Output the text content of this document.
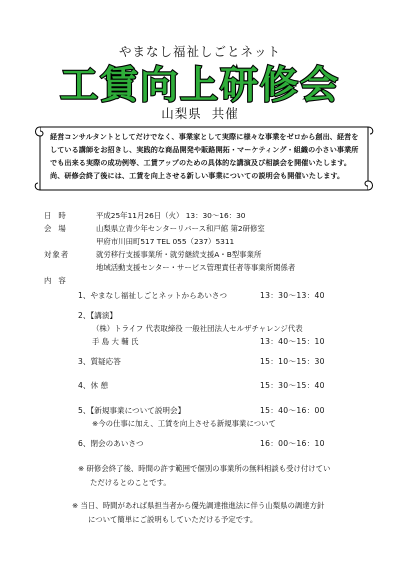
やまなし福祉しごとネット
工賃向上研修会
山梨県 共催

経営コンサルタントとしてだけでなく、事業家として実際に様々な事業をゼロから創出、経営をしている講師をお招きし、実践的な商品開発や販路開拓・マーケティング・組織の小さい事業所でも出来る実際の成功例等、工賃アップのための具体的な講演及び相談会を開催いたします。

尚、研修会終了後には、工賃を向上させる新しい事業についての説明会も開催いたします。

日時	平成25年11月26日（火） 13：30～16：30
会場	山梨県立青少年センターリバース和戸館 第2研修室
甲府市川田町517 TEL 055（237）5311
対象者	就労移行支援事業所・就労継続支援A・B型事業所
地域活動支援センター・サービス管理責任者等事業所関係者
内容
1、やまなし福祉しごとネットからあいさつ	13：30～13：40
2、【講演】
（株）トライフ 代表取締役 一般社団法人セルザチャレンジ代表
手 島 大 輔 氏	13：40～15：10
3、質疑応答	15：10～15：30
4、休 憩	15：30～15：40
5、【新規事業について説明会】	15：40～16：00
※今の仕事に加え、工賃を向上させる新規事業について
6、閉会のあいさつ	16：00～16：10
※ 研修会終了後、時間の許す範囲で個別の事業所の無料相談も受け付けてい
ただけるとのことです。
※ 当日、時間があれば県担当者から優先調達推進法に伴う山梨県の調達方針
について簡単にご説明もしていただける予定です。
